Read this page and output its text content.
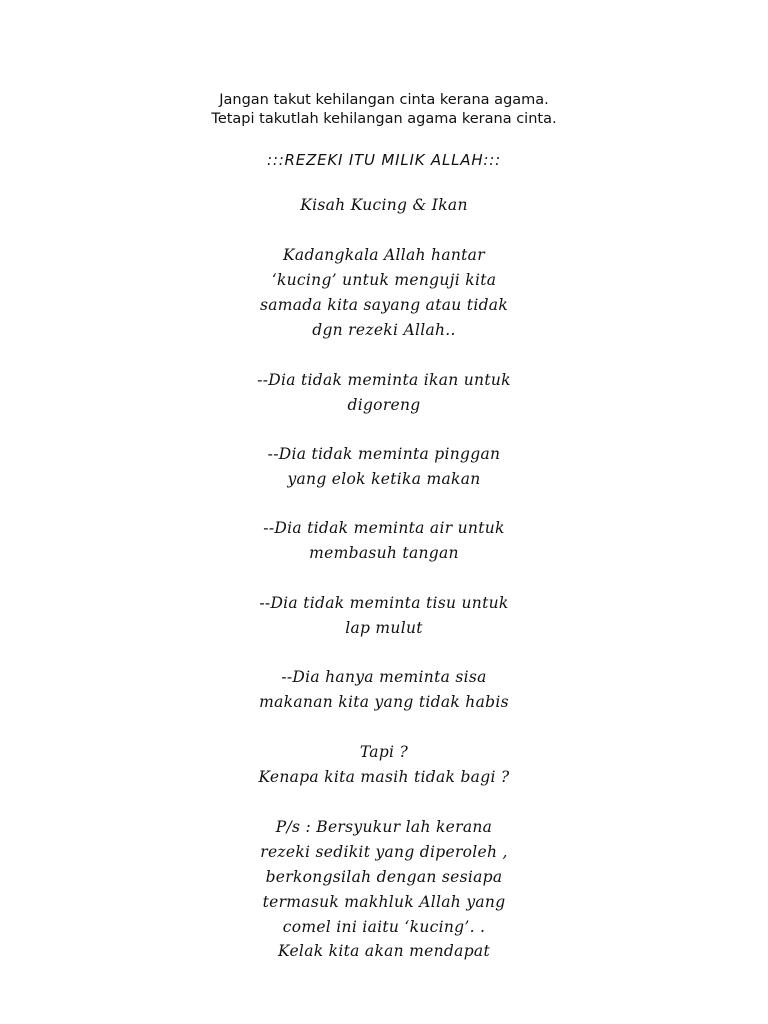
Jangan takut kehilangan cinta kerana agama.
Tetapi takutlah kehilangan agama kerana cinta.
:::REZEKI ITU MILIK ALLAH:::
Kisah Kucing & Ikan
Kadangkala Allah hantar
‘kucing’ untuk menguji kita
samada kita sayang atau tidak
dgn rezeki Allah..
--Dia tidak meminta ikan untuk
digoreng
--Dia tidak meminta pinggan
yang elok ketika makan
--Dia tidak meminta air untuk
membasuh tangan
--Dia tidak meminta tisu untuk
lap mulut
--Dia hanya meminta sisa
makanan kita yang tidak habis
Tapi ?
Kenapa kita masih tidak bagi ?
P/s : Bersyukur lah kerana
rezeki sedikit yang diperoleh ,
berkongsilah dengan sesiapa
termasuk makhluk Allah yang
comel ini iaitu ‘kucing’. .
Kelak kita akan mendapat
